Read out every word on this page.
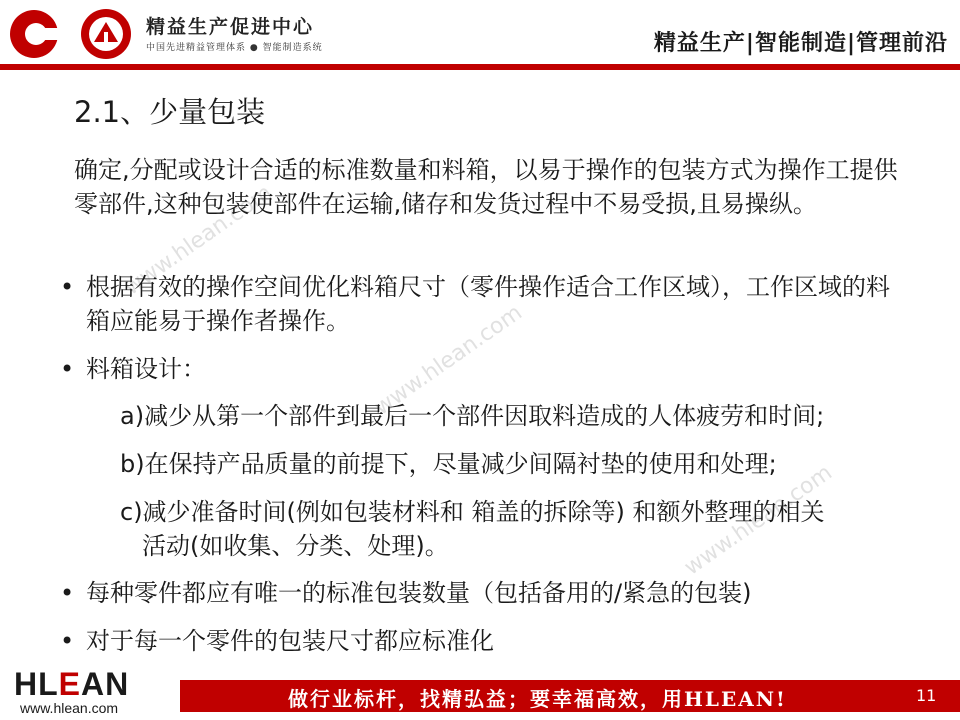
精益生产促进中心
中国先进精益管理体系 ● 智能制造系统	精益生产|智能制造|管理前沿
www.hlean.com
www.hlean.com
www.hlean.com
2.1、少量包装
确定,分配或设计合适的标准数量和料箱，以易于操作的包装方式为操作工提供零部件,这种包装使部件在运输,储存和发货过程中不易受损,且易操纵。
• 根据有效的操作空间优化料箱尺寸（零件操作适合工作区域），工作区域的料箱应能易于操作者操作。
• 料箱设计：
a)减少从第一个部件到最后一个部件因取料造成的人体疲劳和时间;
b)在保持产品质量的前提下，尽量减少间隔衬垫的使用和处理;
c)减少准备时间(例如包装材料和 箱盖的拆除等) 和额外整理的相关
活动(如收集、分类、处理)。
• 每种零件都应有唯一的标准包装数量（包括备用的/紧急的包装)
• 对于每一个零件的包装尺寸都应标准化
HLEAN
www.hlean.com	做行业标杆，找精弘益；要幸福高效，用HLEAN!	11
